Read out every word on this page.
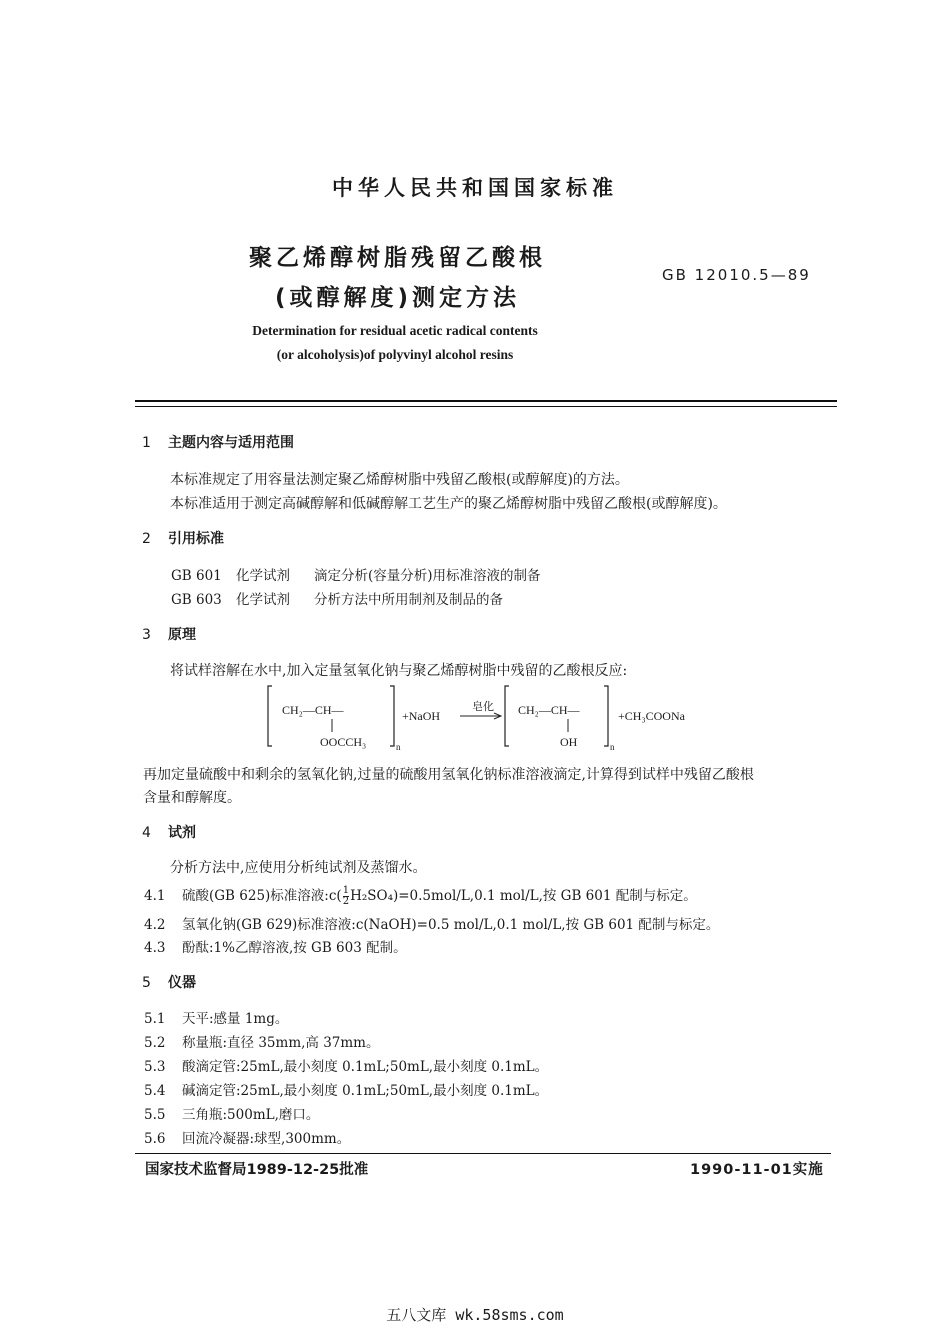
中华人民共和国国家标准
聚乙烯醇树脂残留乙酸根
(或醇解度)测定方法
GB 12010.5—89
Determination for residual acetic radical contents
(or alcoholysis)of polyvinyl alcohol resins
1 主题内容与适用范围
本标准规定了用容量法测定聚乙烯醇树脂中残留乙酸根(或醇解度)的方法。
本标准适用于测定高碱醇解和低碱醇解工艺生产的聚乙烯醇树脂中残留乙酸根(或醇解度)。
2 引用标准
GB 601 化学试剂 滴定分析(容量分析)用标准溶液的制备
GB 603 化学试剂 分析方法中所用制剂及制品的备
3 原理
将试样溶解在水中,加入定量氢氧化钠与聚乙烯醇树脂中残留的乙酸根反应:
CH₂—CH—
OOCCH₃	n
+NaOH
皂化 CH₂—CH—
OH	n
+CH₃COONa
再加定量硫酸中和剩余的氢氧化钠,过量的硫酸用氢氧化钠标准溶液滴定,计算得到试样中残留乙酸根
含量和醇解度。
4 试剂
分析方法中,应使用分析纯试剂及蒸馏水。
4.1 硫酸(GB 625)标准溶液:c( $\frac{1}{2} H_2SO_4)=0.5mol/L,0.1$ mol/L,按 GB 601 配制与标定。
4.2 氢氧化钠(GB 629)标准溶液:c(NaOH)=0.5 mol/L,0.1 mol/L,按 GB 601 配制与标定。
4.3 酚酞:1%乙醇溶液,按 GB 603 配制。
5 仪器
5.1 天平:感量 1mg。
5.2 称量瓶:直径 35mm,高 37mm。
5.3 酸滴定管:25mL,最小刻度 0.1mL;50mL,最小刻度 0.1mL。
5.4 碱滴定管:25mL,最小刻度 0.1mL;50mL,最小刻度 0.1mL。
5.5 三角瓶:500mL,磨口。
5.6 回流冷凝器:球型,300mm。
国家技术监督局1989-12-25批准	1990-11-01实施
五八文库 wk.58sms.com
